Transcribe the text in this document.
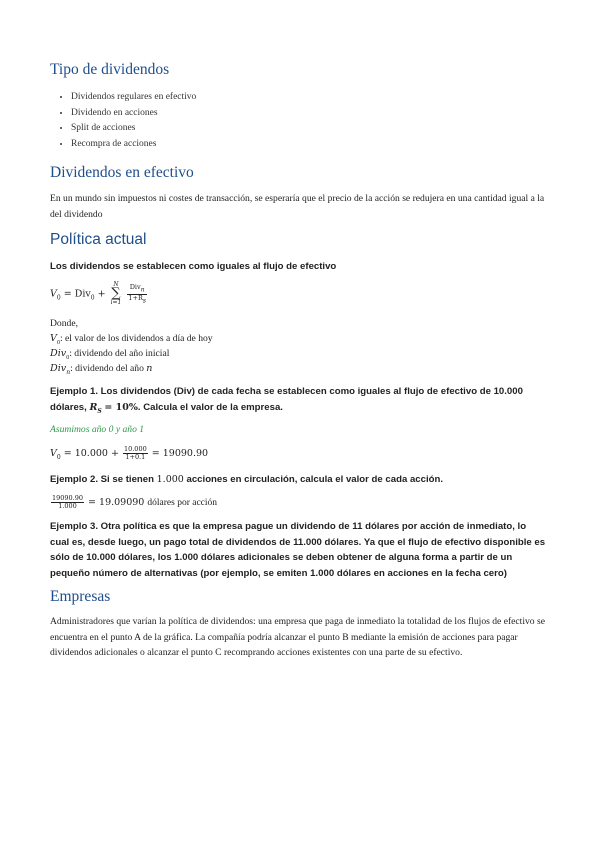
Tipo de dividendos
• Dividendos regulares en efectivo
• Dividendo en acciones
• Split de acciones
• Recompra de acciones
Dividendos en efectivo
En un mundo sin impuestos ni costes de transacción, se esperaría que el precio de la acción se redujera en una cantidad igual a la del dividendo
Política actual
Los dividendos se establecen como iguales al flujo de efectivo
$V_0 = Div_0 + N$
∑
$i=1 \frac{Div_n}{1+R_s}$
Donde,
$V_0$: el valor de los dividendos a día de hoy
Div$_0$: dividendo del año inicial
Div$_n$: dividendo del año n
Ejemplo 1. Los dividendos (Div) de cada fecha se establecen como iguales al flujo de efectivo de 10.000
dólares, $R_S = 10\%$. Calcula el valor de la empresa.
Asumimos año 0 y año 1
$V_0 = 10.000 + \frac{10.000}{1+0.1} = 19090.90$
Ejemplo 2. Si se tienen 1.000 acciones en circulación, calcula el valor de cada acción.
$\frac{19090.90}{1.000} = 19.09090$ dólares por acción
Ejemplo 3. Otra política es que la empresa pague un dividendo de 11 dólares por acción de inmediato, lo cual es, desde luego, un pago total de dividendos de 11.000 dólares. Ya que el flujo de efectivo disponible es sólo de 10.000 dólares, los 1.000 dólares adicionales se deben obtener de alguna forma a partir de un pequeño número de alternativas (por ejemplo, se emiten 1.000 dólares en acciones en la fecha cero)
Empresas
Administradores que varían la política de dividendos: una empresa que paga de inmediato la totalidad de los flujos de efectivo se encuentra en el punto A de la gráfica. La compañía podría alcanzar el punto B mediante la emisión de acciones para pagar dividendos adicionales o alcanzar el punto C recomprando acciones existentes con una parte de su efectivo.
